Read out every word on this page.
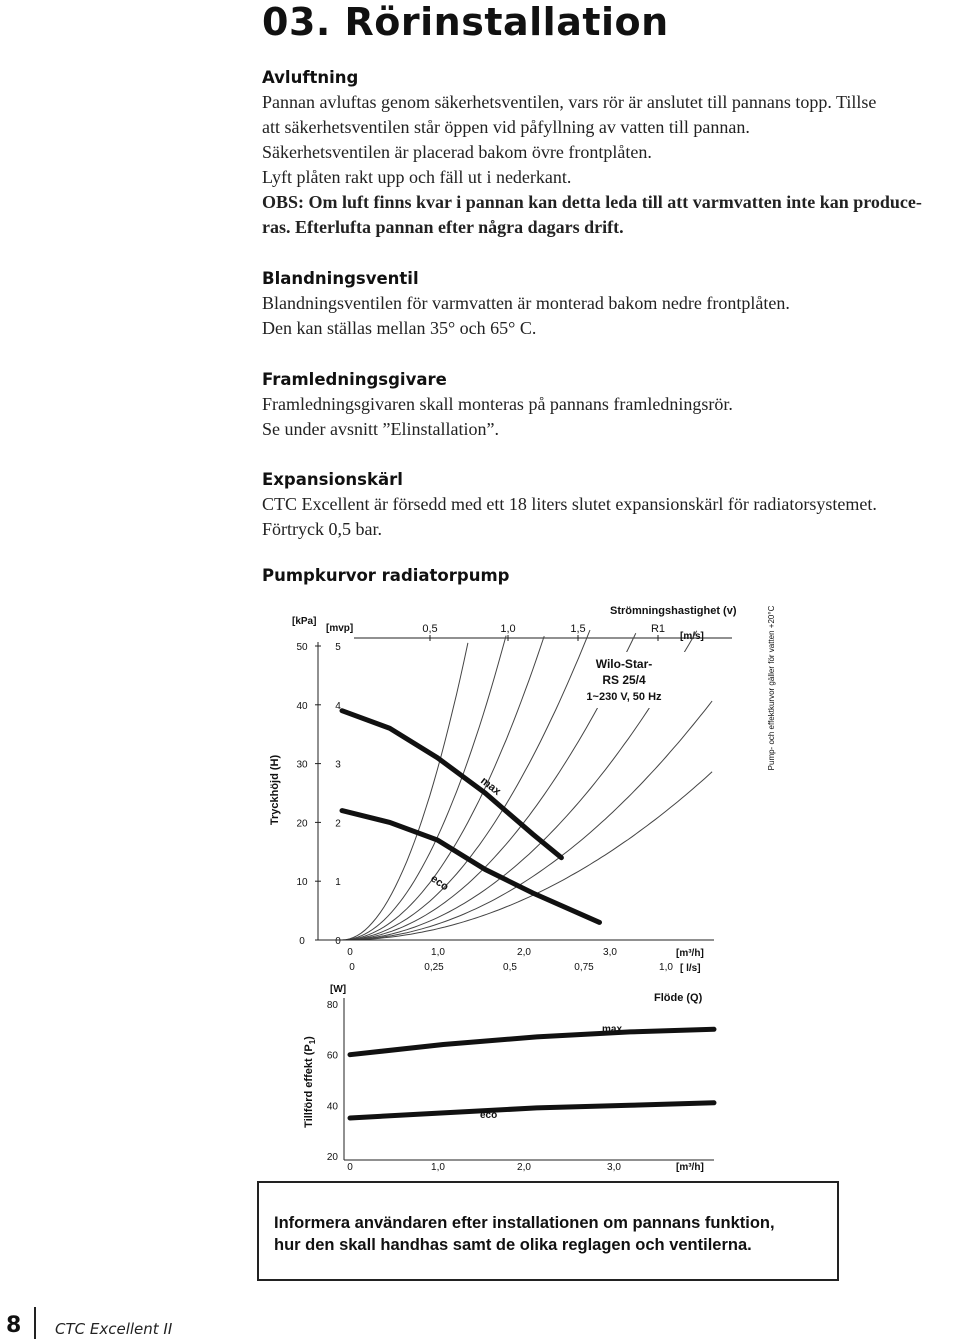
03. Rörinstallation
Avluftning
Pannan avluftas genom säkerhetsventilen, vars rör är anslutet till pannans topp. Tillse
att säkerhetsventilen står öppen vid påfyllning av vatten till pannan.
Säkerhetsventilen är placerad bakom övre frontplåten.
Lyft plåten rakt upp och fäll ut i nederkant.
OBS: Om luft finns kvar i pannan kan detta leda till att varmvatten inte kan produce-
ras. Efterlufta pannan efter några dagars drift.
Blandningsventil
Blandningsventilen för varmvatten är monterad bakom nedre frontplåten.
Den kan ställas mellan 35° och 65° C.
Framledningsgivare
Framledningsgivaren skall monteras på pannans framledningsrör.
Se under avsnitt ”Elinstallation”.
Expansionskärl
CTC Excellent är försedd med ett 18 liters slutet expansionskärl för radiatorsystemet.
Förtryck 0,5 bar.
Pumpkurvor radiatorpump
Strömningshastighet (v)
0,5	1,0	1,5	R1
[m/s]
[kPa]
[mvp]
50	5
40	4
30	3
20	2
10	1
0	0
Tryckhöjd (H)
Wilo-Star-
RS 25/4
1~230 V, 50 Hz
max
eco
0	1,0	2,0	3,0	[m³/h]
0	0,25	0,5	0,75	1,0 [ l/s]
Flöde (Q)
Pump- och effektkurvor gäller för vatten +20°C
[W]
80
60
40
20
0	1,0	2,0	3,0	[m³/h]
Tillförd effekt $(P_1)$
max
eco
Informera användaren efter installationen om pannans funktion,
hur den skall handhas samt de olika reglagen och ventilerna.
8 CTC Excellent II
